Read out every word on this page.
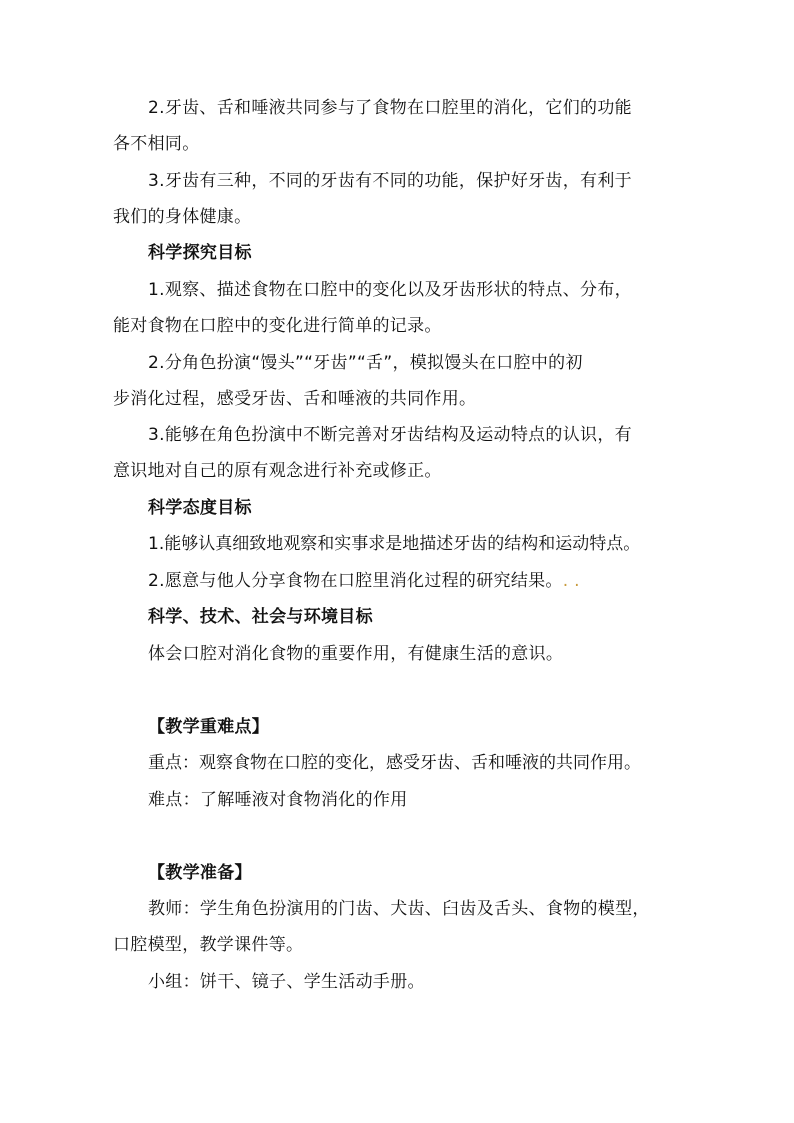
2.牙齿、舌和唾液共同参与了食物在口腔里的消化，它们的功能
各不相同。
3.牙齿有三种，不同的牙齿有不同的功能，保护好牙齿，有利于
我们的身体健康。
科学探究目标
1.观察、描述食物在口腔中的变化以及牙齿形状的特点、分布，
能对食物在口腔中的变化进行简单的记录。
2.分角色扮演“馒头”“牙齿”“舌”，模拟馒头在口腔中的初
步消化过程，感受牙齿、舌和唾液的共同作用。
3.能够在角色扮演中不断完善对牙齿结构及运动特点的认识，有
意识地对自己的原有观念进行补充或修正。
科学态度目标
1.能够认真细致地观察和实事求是地描述牙齿的结构和运动特点。
2.愿意与他人分享食物在口腔里消化过程的研究结果。. .
科学、技术、社会与环境目标
体会口腔对消化食物的重要作用，有健康生活的意识。
【教学重难点】
重点：观察食物在口腔的变化，感受牙齿、舌和唾液的共同作用。
难点：了解唾液对食物消化的作用
【教学准备】
教师：学生角色扮演用的门齿、犬齿、臼齿及舌头、食物的模型，
口腔模型，教学课件等。
小组：饼干、镜子、学生活动手册。
